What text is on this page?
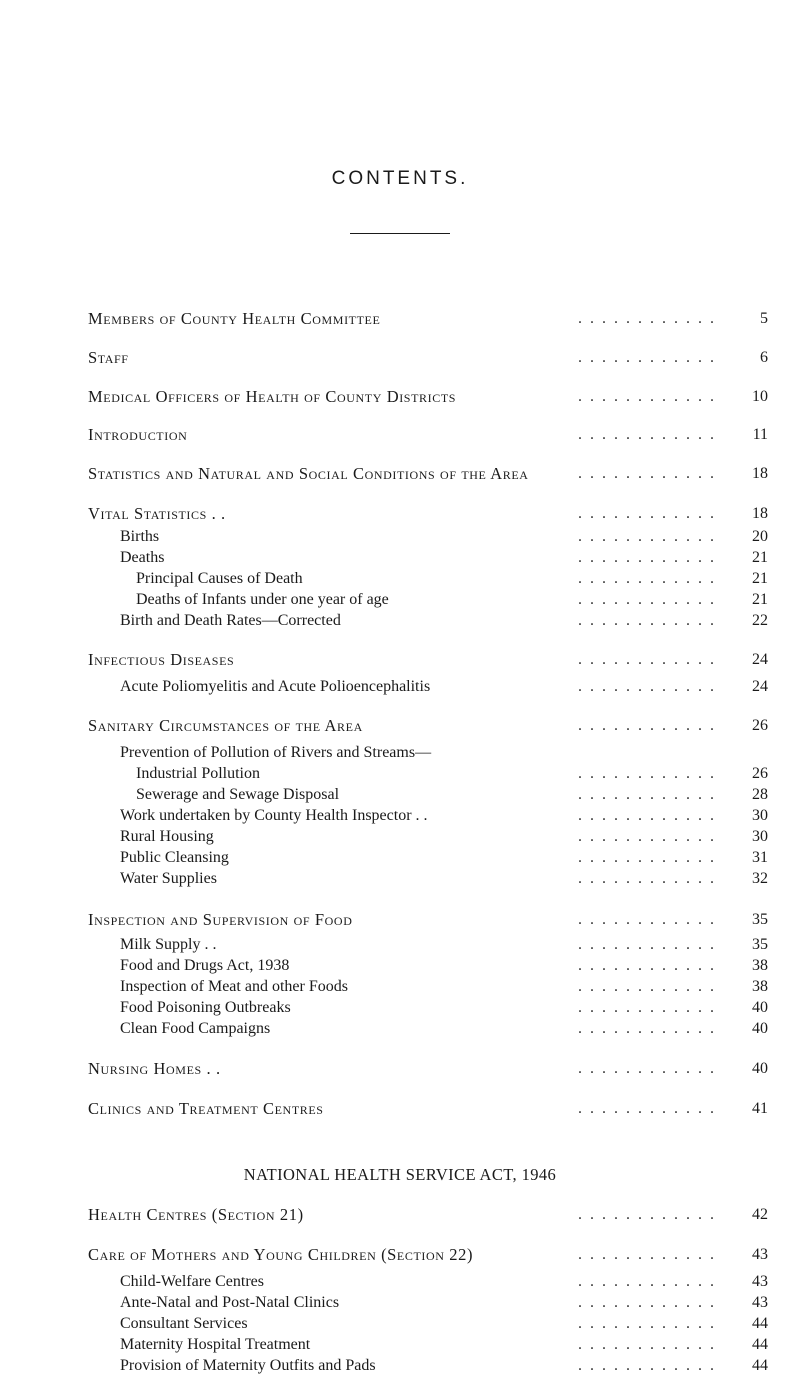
CONTENTS.
Members of County Health Committee	5
. . . . . . . . . . . .
Staff	6
. . . . . . . . . . . .
Medical Officers of Health of County Districts	10
. . . . . . . . . . . .
Introduction	11
. . . . . . . . . . . .
Statistics and Natural and Social Conditions of the Area	18
. . . . . . . . . . . .
Vital Statistics . .	18
. . . . . . . . . . . .
Births	20
. . . . . . . . . . . .
Deaths	21
. . . . . . . . . . . .
Principal Causes of Death	21
. . . . . . . . . . . .
Deaths of Infants under one year of age	21
. . . . . . . . . . . .
Birth and Death Rates—Corrected	22
. . . . . . . . . . . .
Infectious Diseases	24
. . . . . . . . . . . .
Acute Poliomyelitis and Acute Polioencephalitis	24
. . . . . . . . . . . .
Sanitary Circumstances of the Area	26
. . . . . . . . . . . .
Prevention of Pollution of Rivers and Streams—
Industrial Pollution	26
. . . . . . . . . . . .
Sewerage and Sewage Disposal	28
. . . . . . . . . . . .
Work undertaken by County Health Inspector . .	30
. . . . . . . . . . . .
Rural Housing	30
. . . . . . . . . . . .
Public Cleansing	31
. . . . . . . . . . . .
Water Supplies	32
. . . . . . . . . . . .
Inspection and Supervision of Food	35
. . . . . . . . . . . .
Milk Supply . .	35
. . . . . . . . . . . .
Food and Drugs Act, 1938	38
. . . . . . . . . . . .
Inspection of Meat and other Foods	38
. . . . . . . . . . . .
Food Poisoning Outbreaks	40
. . . . . . . . . . . .
Clean Food Campaigns	40
. . . . . . . . . . . .
Nursing Homes . .	40
. . . . . . . . . . . .
Clinics and Treatment Centres	41
. . . . . . . . . . . .
NATIONAL HEALTH SERVICE ACT, 1946
Health Centres (Section 21)	42
. . . . . . . . . . . .
Care of Mothers and Young Children (Section 22)	43
. . . . . . . . . . . .
Child-Welfare Centres	43
. . . . . . . . . . . .
Ante-Natal and Post-Natal Clinics	43
. . . . . . . . . . . .
Consultant Services	44
. . . . . . . . . . . .
Maternity Hospital Treatment	44
. . . . . . . . . . . .
Provision of Maternity Outfits and Pads	44
. . . . . . . . . . . .
